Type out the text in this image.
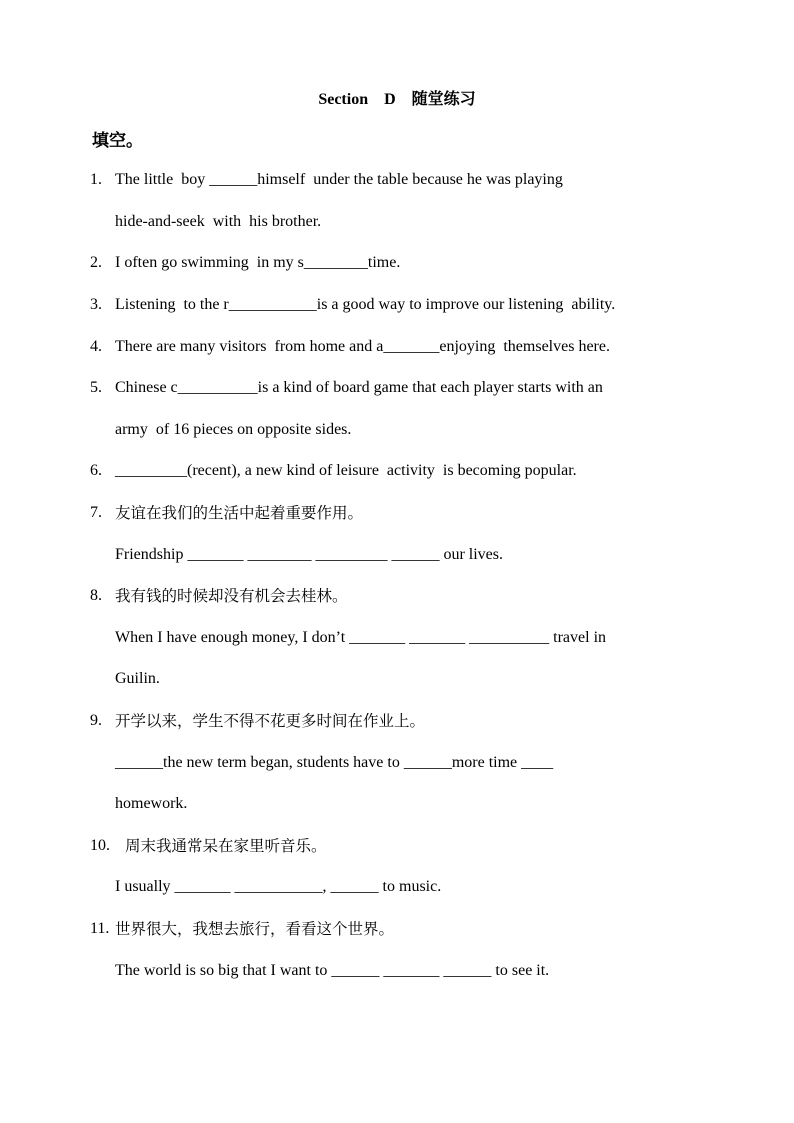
Section    D    随堂练习
填空。
1. The little  boy ______himself  under the table because he was playing
hide-and-seek  with  his brother.
2. I often go swimming  in my s________time.
3. Listening  to the r___________is a good way to improve our listening  ability.
4. There are many visitors  from home and a_______enjoying  themselves here.
5. Chinese c__________is a kind of board game that each player starts with an
army  of 16 pieces on opposite sides.
6. _________(recent), a new kind of leisure  activity  is becoming popular.
7. 友谊在我们的生活中起着重要作用。
Friendship _______ ________ _________ ______ our lives.
8. 我有钱的时候却没有机会去桂林。
When I have enough money, I don’t _______ _______ __________ travel in
Guilin.
9. 开学以来，学生不得不花更多时间在作业上。
______the new term began, students have to ______more time ____
homework.
10. 周末我通常呆在家里听音乐。
I usually _______ ___________, ______ to music.
11. 世界很大，我想去旅行，看看这个世界。
The world is so big that I want to ______ _______ ______ to see it.
